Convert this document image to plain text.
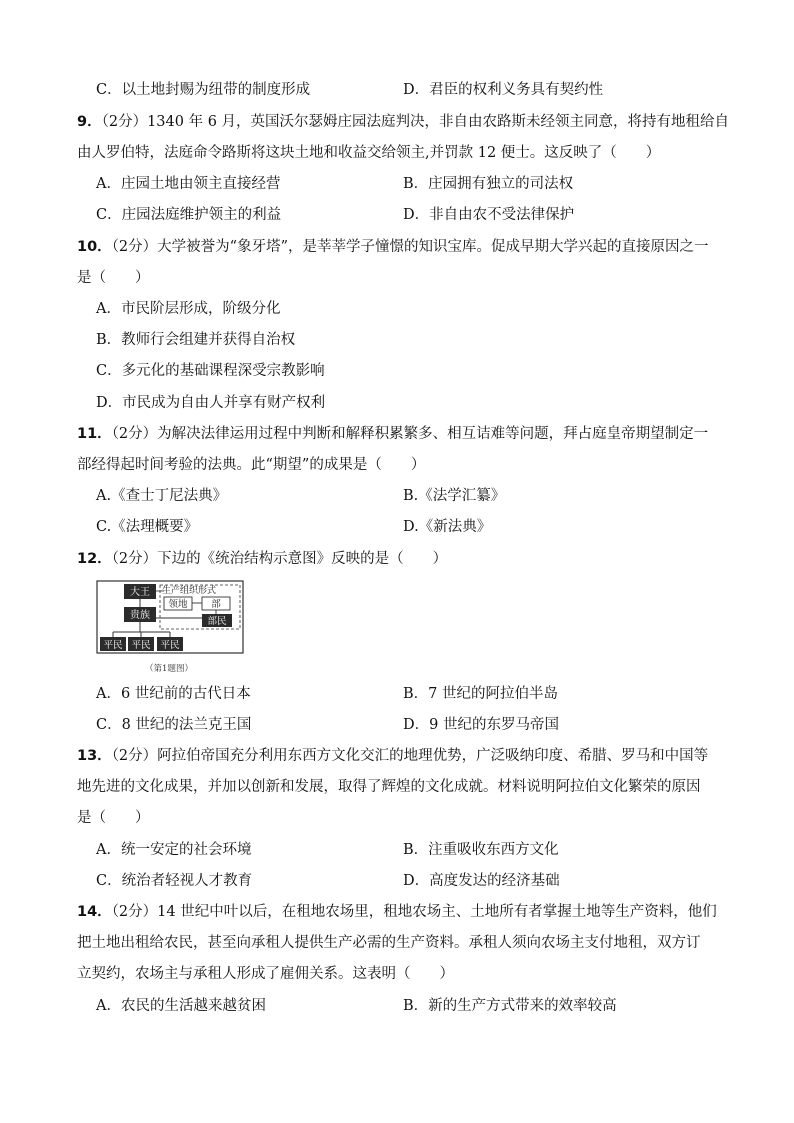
C．以土地封赐为纽带的制度形成	D．君臣的权利义务具有契约性
9．（2分）1340 年 6 月，英国沃尔瑟姆庄园法庭判决，非自由农路斯未经领主同意，将持有地租给自
由人罗伯特，法庭命令路斯将这块土地和收益交给领主,并罚款 12 便士。这反映了（　　）
A．庄园土地由领主直接经营	B．庄园拥有独立的司法权
C．庄园法庭维护领主的利益	D．非自由农不受法律保护
10．（2分）大学被誉为“象牙塔”，是莘莘学子憧憬的知识宝库。促成早期大学兴起的直接原因之一
是（　　）
A．市民阶层形成，阶级分化
B．教师行会组建并获得自治权
C．多元化的基础课程深受宗教影响
D．市民成为自由人并享有财产权利
11．（2分）为解决法律运用过程中判断和解释积累繁多、相互诘难等问题，拜占庭皇帝期望制定一
部经得起时间考验的法典。此“期望”的成果是（　　）
A.《查士丁尼法典》	B.《法学汇纂》
C.《法理概要》	D.《新法典》
12．（2分）下边的《统治结构示意图》反映的是（　　）
生产组织形式
大王
贵族
领地 部
部民
平民 平民 平民
（第1题图）
A．6 世纪前的古代日本	B．7 世纪的阿拉伯半岛
C．8 世纪的法兰克王国	D．9 世纪的东罗马帝国
13．（2分）阿拉伯帝国充分利用东西方文化交汇的地理优势，广泛吸纳印度、希腊、罗马和中国等
地先进的文化成果，并加以创新和发展，取得了辉煌的文化成就。材料说明阿拉伯文化繁荣的原因
是（　　）
A．统一安定的社会环境	B．注重吸收东西方文化
C．统治者轻视人才教育	D．高度发达的经济基础
14．（2分）14 世纪中叶以后，在租地农场里，租地农场主、土地所有者掌握土地等生产资料，他们
把土地出租给农民，甚至向承租人提供生产必需的生产资料。承租人须向农场主支付地租，双方订
立契约，农场主与承租人形成了雇佣关系。这表明（　　）
A．农民的生活越来越贫困	B．新的生产方式带来的效率较高
